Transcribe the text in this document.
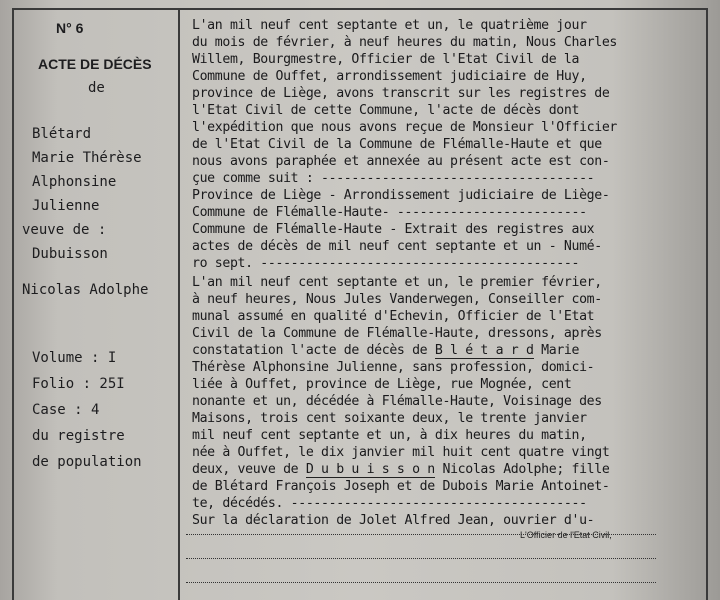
N° 6
ACTE DE DÉCÈS
de
Blétard
Marie Thérèse
Alphonsine
Julienne
veuve de :
Dubuisson
Nicolas Adolphe
Volume : I
Folio : 25I
Case : 4
du registre
de population
L'an mil neuf cent septante et un, le quatrième jour
du mois de février, à neuf heures du matin, Nous Charles
Willem, Bourgmestre, Officier de l'Etat Civil de la
Commune de Ouffet, arrondissement judiciaire de Huy,
province de Liège, avons transcrit sur les registres de
l'Etat Civil de cette Commune, l'acte de décès dont
l'expédition que nous avons reçue de Monsieur l'Officier
de l'Etat Civil de la Commune de Flémalle-Haute et que
nous avons paraphée et annexée au présent acte est con-
çue comme suit : ------------------------------------
Province de Liège - Arrondissement judiciaire de Liège-
Commune de Flémalle-Haute- -------------------------
Commune de Flémalle-Haute - Extrait des registres aux
actes de décès de mil neuf cent septante et un - Numé-
ro sept. ------------------------------------------
L'an mil neuf cent septante et un, le premier février,
à neuf heures, Nous Jules Vanderwegen, Conseiller com-
munal assumé en qualité d'Echevin, Officier de l'Etat
Civil de la Commune de Flémalle-Haute, dressons, après
constatation l'acte de décès de B l é t a r d Marie
Thérèse Alphonsine Julienne, sans profession, domici-
liée à Ouffet, province de Liège, rue Mognée, cent
nonante et un, décédée à Flémalle-Haute, Voisinage des
Maisons, trois cent soixante deux, le trente janvier
mil neuf cent septante et un, à dix heures du matin,
née à Ouffet, le dix janvier mil huit cent quatre vingt
deux, veuve de D u b u i s s o n Nicolas Adolphe; fille
de Blétard François Joseph et de Dubois Marie Antoinet-
te, décédés. ---------------------------------------
Sur la déclaration de Jolet Alfred Jean, ouvrier d'u-
L'Officier de l'Etat Civil,
